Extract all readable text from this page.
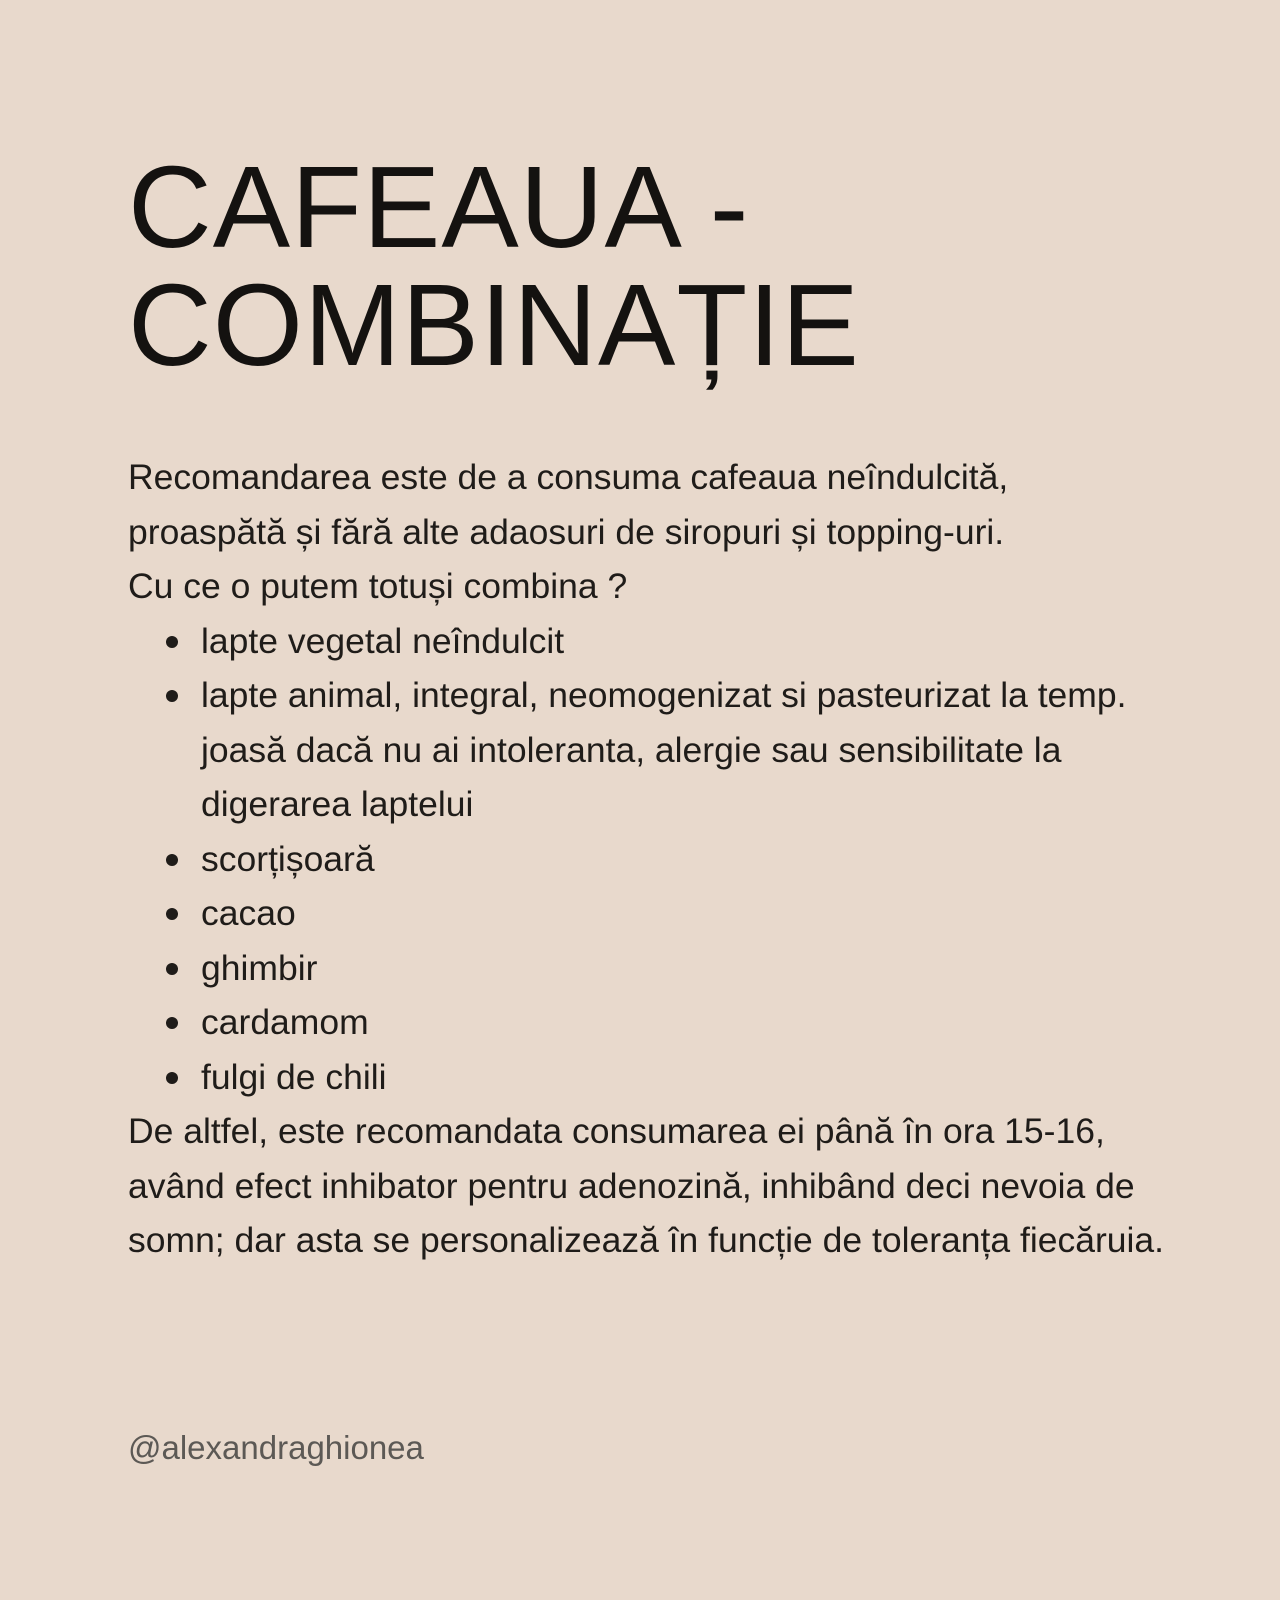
CAFEAUA -
COMBINAȚIE

Recomandarea este de a consuma cafeaua neîndulcită, proaspătă și fără alte adaosuri de siropuri și topping-uri.

Cu ce o putem totuși combina ?

lapte vegetal neîndulcit
lapte animal, integral, neomogenizat si pasteurizat la temp. joasă dacă nu ai intoleranta, alergie sau sensibilitate la digerarea laptelui
scorțișoară
cacao
ghimbir
cardamom
fulgi de chili

De altfel, este recomandata consumarea ei până în ora 15-16, având efect inhibator pentru adenozină, inhibând deci nevoia de somn; dar asta se personalizează în funcție de toleranța fiecăruia.

@alexandraghionea
